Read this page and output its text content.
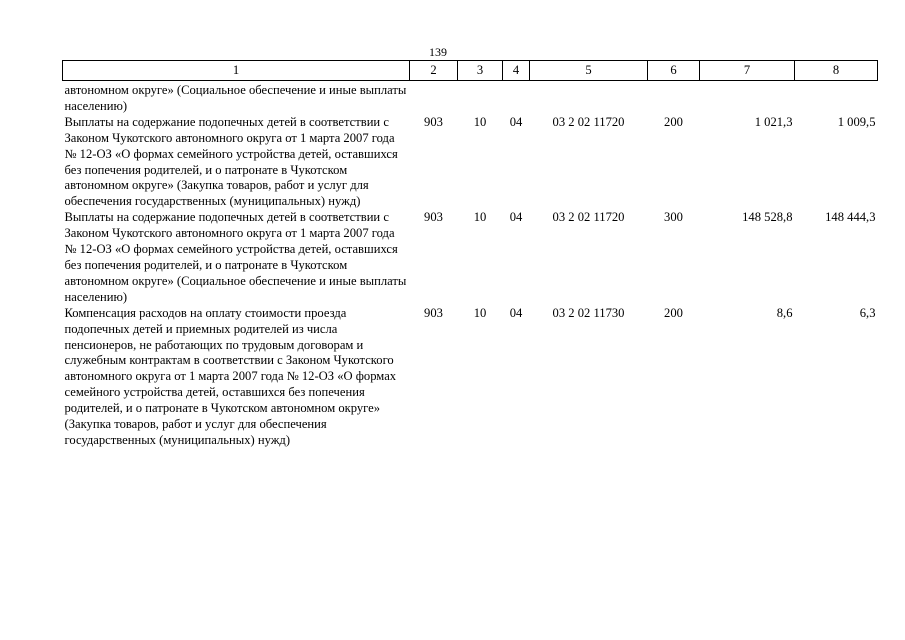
139
1	2	3	4	5	6	7	8
автономном округе» (Социальное обеспечение и иные выплаты населению)							
Выплаты на содержание подопечных детей в соответствии с Законом Чукотского автономного округа от 1 марта 2007 года № 12-ОЗ «О формах семейного устройства детей, оставшихся без попечения родителей, и о патронате в Чукотском автономном округе» (Закупка товаров, работ и услуг для обеспечения государственных (муниципальных) нужд)	903	10	04	03 2 02 11720	200	1 021,3	1 009,5
Выплаты на содержание подопечных детей в соответствии с Законом Чукотского автономного округа от 1 марта 2007 года № 12-ОЗ «О формах семейного устройства детей, оставшихся без попечения родителей, и о патронате в Чукотском автономном округе» (Социальное обеспечение и иные выплаты населению)	903	10	04	03 2 02 11720	300	148 528,8	148 444,3
Компенсация расходов на оплату стоимости проезда подопечных детей и приемных родителей из числа пенсионеров, не работающих по трудовым договорам и служебным контрактам в соответствии с Законом Чукотского автономного округа от 1 марта 2007 года № 12-ОЗ «О формах семейного устройства детей, оставшихся без попечения родителей, и о патронате в Чукотском автономном округе» (Закупка товаров, работ и услуг для обеспечения государственных (муниципальных) нужд)	903	10	04	03 2 02 11730	200	8,6	6,3
